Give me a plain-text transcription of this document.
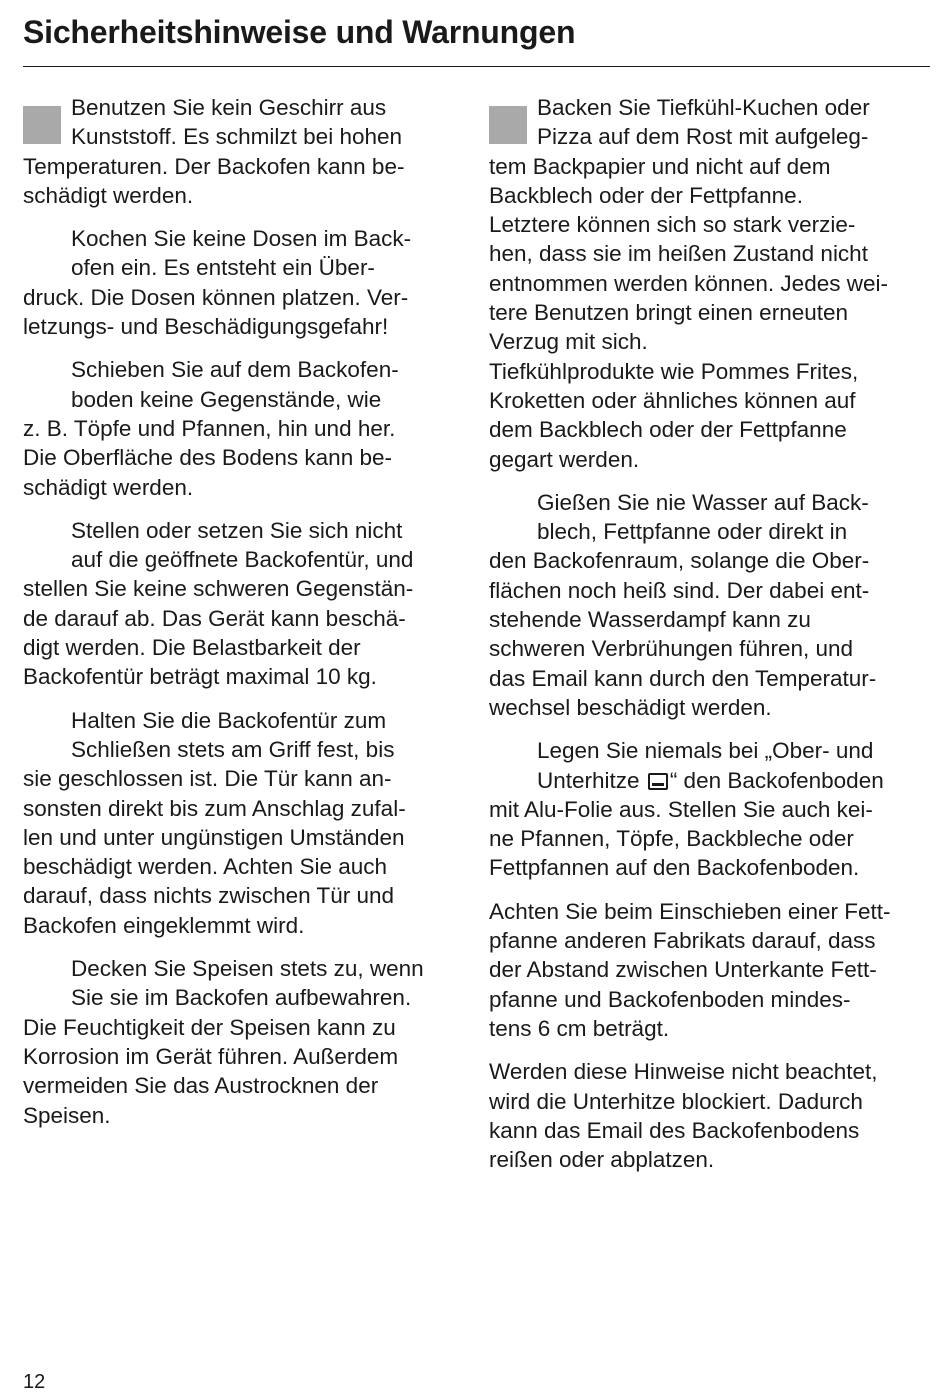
Sicherheitshinweise und Warnungen
Benutzen Sie kein Geschirr aus
Kunststoff. Es schmilzt bei hohen
Temperaturen. Der Backofen kann be-
schädigt werden.
Kochen Sie keine Dosen im Back-
ofen ein. Es entsteht ein Über-
druck. Die Dosen können platzen. Ver-
letzungs- und Beschädigungsgefahr!
Schieben Sie auf dem Backofen-
boden keine Gegenstände, wie
z. B. Töpfe und Pfannen, hin und her.
Die Oberfläche des Bodens kann be-
schädigt werden.
Stellen oder setzen Sie sich nicht
auf die geöffnete Backofentür, und
stellen Sie keine schweren Gegenstän-
de darauf ab. Das Gerät kann beschä-
digt werden. Die Belastbarkeit der
Backofentür beträgt maximal 10 kg.
Halten Sie die Backofentür zum
Schließen stets am Griff fest, bis
sie geschlossen ist. Die Tür kann an-
sonsten direkt bis zum Anschlag zufal-
len und unter ungünstigen Umständen
beschädigt werden. Achten Sie auch
darauf, dass nichts zwischen Tür und
Backofen eingeklemmt wird.
Decken Sie Speisen stets zu, wenn
Sie sie im Backofen aufbewahren.
Die Feuchtigkeit der Speisen kann zu
Korrosion im Gerät führen. Außerdem
vermeiden Sie das Austrocknen der
Speisen.
Backen Sie Tiefkühl-Kuchen oder
Pizza auf dem Rost mit aufgeleg-
tem Backpapier und nicht auf dem
Backblech oder der Fettpfanne.
Letztere können sich so stark verzie-
hen, dass sie im heißen Zustand nicht
entnommen werden können. Jedes wei-
tere Benutzen bringt einen erneuten
Verzug mit sich.
Tiefkühlprodukte wie Pommes Frites,
Kroketten oder ähnliches können auf
dem Backblech oder der Fettpfanne
gegart werden.
Gießen Sie nie Wasser auf Back-
blech, Fettpfanne oder direkt in
den Backofenraum, solange die Ober-
flächen noch heiß sind. Der dabei ent-
stehende Wasserdampf kann zu
schweren Verbrühungen führen, und
das Email kann durch den Temperatur-
wechsel beschädigt werden.
Legen Sie niemals bei „Ober- und
Unterhitze “ den Backofenboden
mit Alu-Folie aus. Stellen Sie auch kei-
ne Pfannen, Töpfe, Backbleche oder
Fettpfannen auf den Backofenboden.
Achten Sie beim Einschieben einer Fett-
pfanne anderen Fabrikats darauf, dass
der Abstand zwischen Unterkante Fett-
pfanne und Backofenboden mindes-
tens 6 cm beträgt.
Werden diese Hinweise nicht beachtet,
wird die Unterhitze blockiert. Dadurch
kann das Email des Backofenbodens
reißen oder abplatzen.
12
